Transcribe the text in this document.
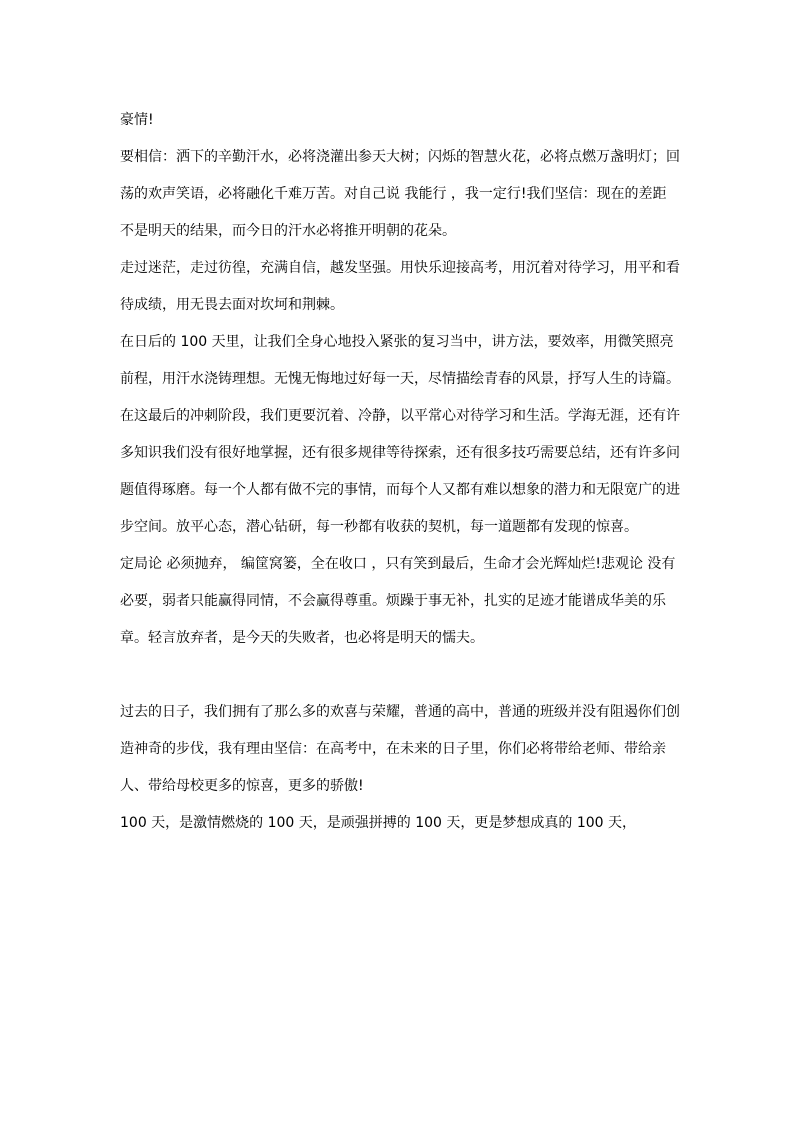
豪情!

要相信：洒下的辛勤汗水，必将浇灌出参天大树；闪烁的智慧火花，必将点燃万盏明灯；回荡的欢声笑语，必将融化千难万苦。对自己说 我能行 ，我一定行!我们坚信：现在的差距不是明天的结果，而今日的汗水必将推开明朝的花朵。

走过迷茫，走过彷徨，充满自信，越发坚强。用快乐迎接高考，用沉着对待学习，用平和看待成绩，用无畏去面对坎坷和荆棘。

在日后的 100 天里，让我们全身心地投入紧张的复习当中，讲方法，要效率，用微笑照亮前程，用汗水浇铸理想。无愧无悔地过好每一天，尽情描绘青春的风景，抒写人生的诗篇。

在这最后的冲刺阶段，我们更要沉着、冷静，以平常心对待学习和生活。学海无涯，还有许多知识我们没有很好地掌握，还有很多规律等待探索，还有很多技巧需要总结，还有许多问题值得琢磨。每一个人都有做不完的事情，而每个人又都有难以想象的潜力和无限宽广的进步空间。放平心态，潜心钻研，每一秒都有收获的契机，每一道题都有发现的惊喜。

定局论 必须抛弃， 编筐窝篓，全在收口 ，只有笑到最后，生命才会光辉灿烂!悲观论 没有必要，弱者只能赢得同情，不会赢得尊重。烦躁于事无补，扎实的足迹才能谱成华美的乐章。轻言放弃者，是今天的失败者，也必将是明天的懦夫。

过去的日子，我们拥有了那么多的欢喜与荣耀，普通的高中，普通的班级并没有阻遏你们创造神奇的步伐，我有理由坚信：在高考中，在未来的日子里，你们必将带给老师、带给亲人、带给母校更多的惊喜，更多的骄傲!

100 天，是激情燃烧的 100 天，是顽强拼搏的 100 天，更是梦想成真的 100 天，
